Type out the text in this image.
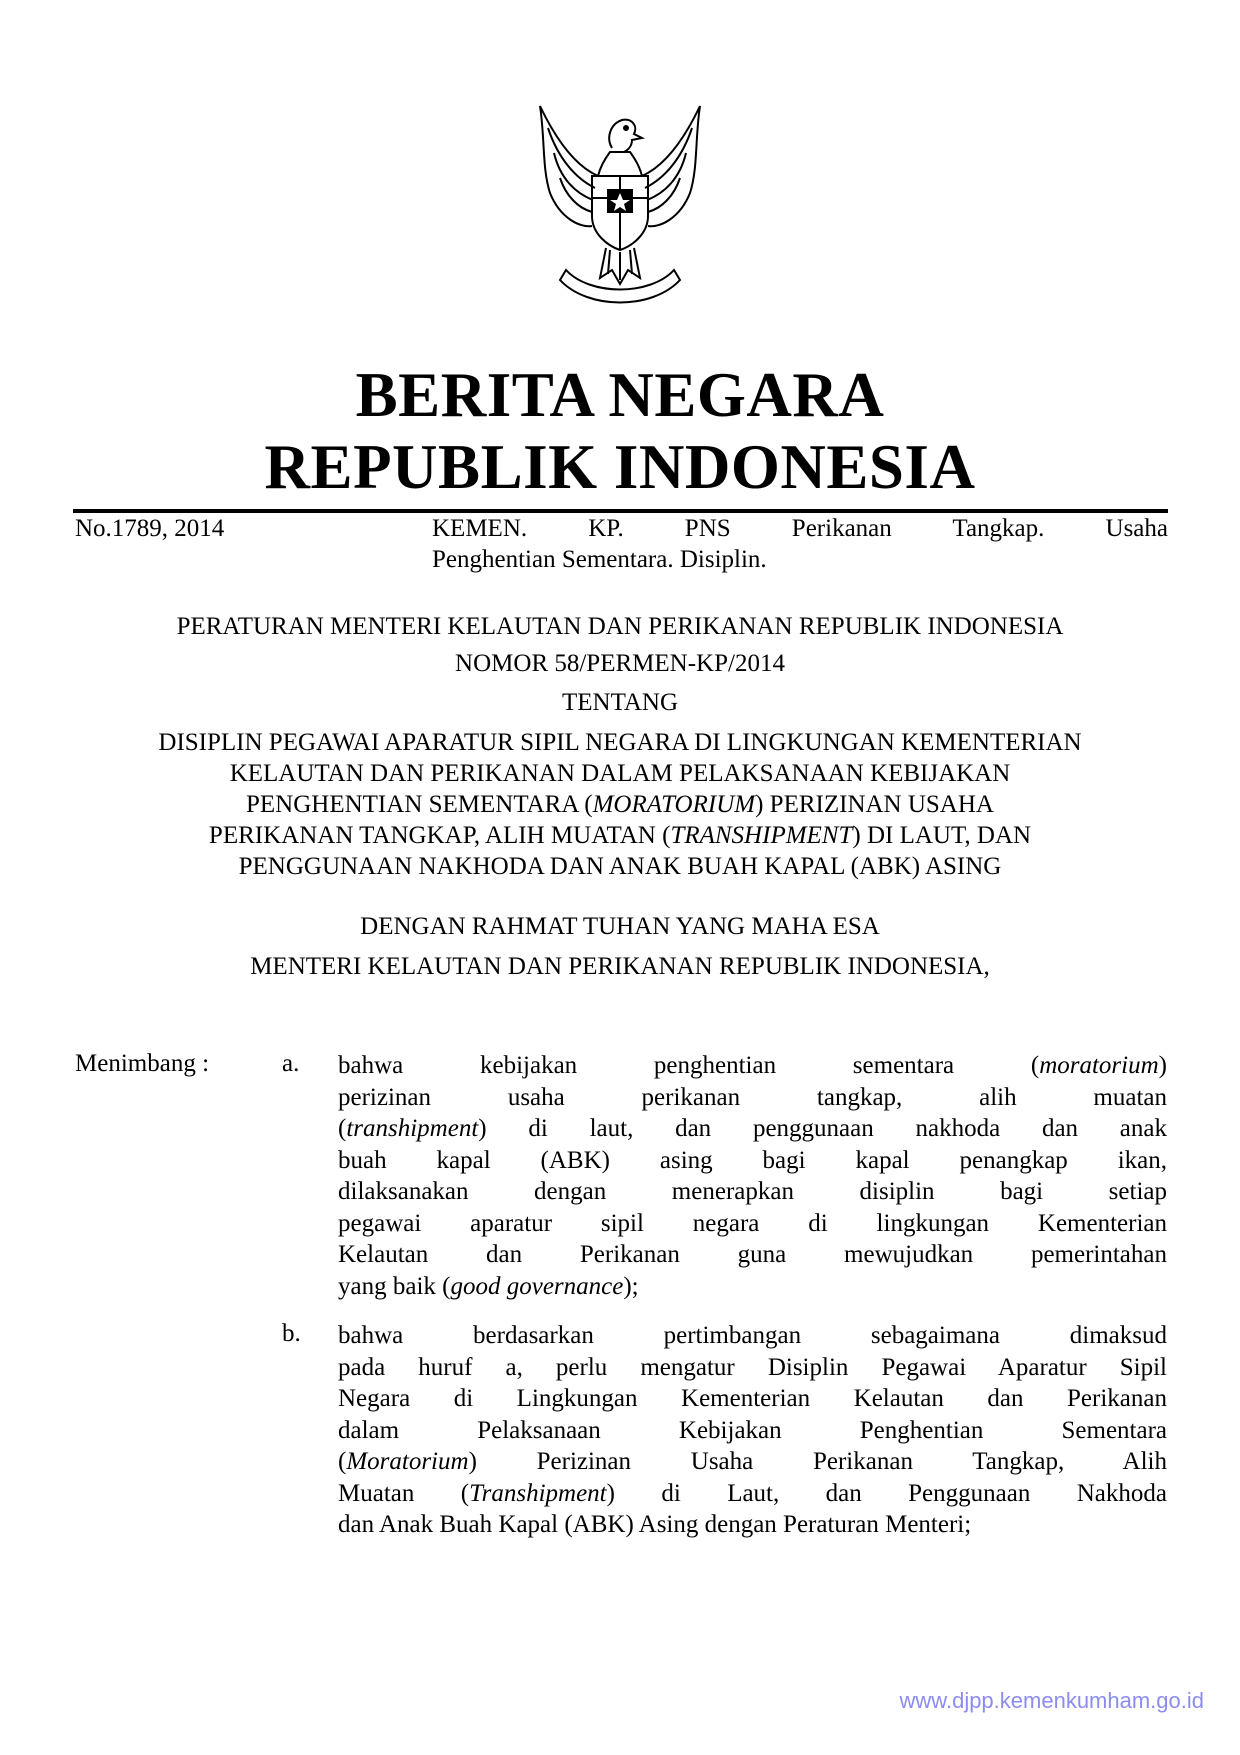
BERITA NEGARA
REPUBLIK INDONESIA
No.1789, 2014	KEMEN. KP. PNS Perikanan Tangkap. Usaha
Penghentian Sementara. Disiplin.
PERATURAN MENTERI KELAUTAN DAN PERIKANAN REPUBLIK INDONESIA
NOMOR 58/PERMEN-KP/2014
TENTANG
DISIPLIN PEGAWAI APARATUR SIPIL NEGARA DI LINGKUNGAN KEMENTERIAN
KELAUTAN DAN PERIKANAN DALAM PELAKSANAAN KEBIJAKAN
PENGHENTIAN SEMENTARA (MORATORIUM) PERIZINAN USAHA
PERIKANAN TANGKAP, ALIH MUATAN (TRANSHIPMENT) DI LAUT, DAN
PENGGUNAAN NAKHODA DAN ANAK BUAH KAPAL (ABK) ASING
DENGAN RAHMAT TUHAN YANG MAHA ESA
MENTERI KELAUTAN DAN PERIKANAN REPUBLIK INDONESIA,
Menimbang :	a. bahwa kebijakan penghentian sementara (moratorium)
perizinan usaha perikanan tangkap, alih muatan
(transhipment) di laut, dan penggunaan nakhoda dan anak
buah kapal (ABK) asing bagi kapal penangkap ikan,
dilaksanakan dengan menerapkan disiplin bagi setiap
pegawai aparatur sipil negara di lingkungan Kementerian
Kelautan dan Perikanan guna mewujudkan pemerintahan
yang baik (good governance);
b. bahwa berdasarkan pertimbangan sebagaimana dimaksud
pada huruf a, perlu mengatur Disiplin Pegawai Aparatur Sipil
Negara di Lingkungan Kementerian Kelautan dan Perikanan
dalam Pelaksanaan Kebijakan Penghentian Sementara
(Moratorium) Perizinan Usaha Perikanan Tangkap, Alih
Muatan (Transhipment) di Laut, dan Penggunaan Nakhoda
dan Anak Buah Kapal (ABK) Asing dengan Peraturan Menteri;
www.djpp.kemenkumham.go.id
